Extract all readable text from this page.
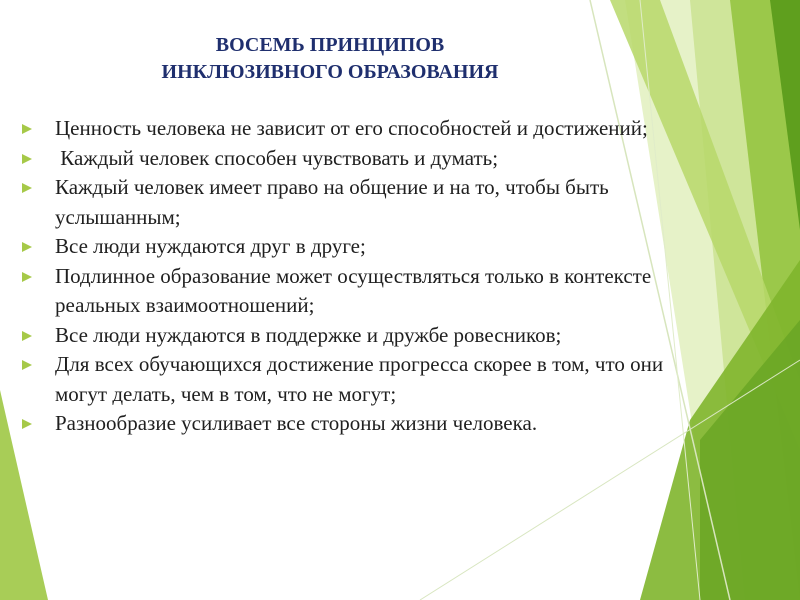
ВОСЕМЬ ПРИНЦИПОВ
ИНКЛЮЗИВНОГО ОБРАЗОВАНИЯ
Ценность человека не зависит от его способностей и достижений;
Каждый человек способен чувствовать и думать;
Каждый человек имеет право на общение и на то, чтобы быть услышанным;
Все люди нуждаются друг в друге;
Подлинное образование может осуществляться только в контексте реальных взаимоотношений;
Все люди нуждаются в поддержке и дружбе ровесников;
Для всех обучающихся достижение прогресса скорее в том, что они могут делать, чем в том, что не могут;
Разнообразие усиливает все стороны жизни человека.
